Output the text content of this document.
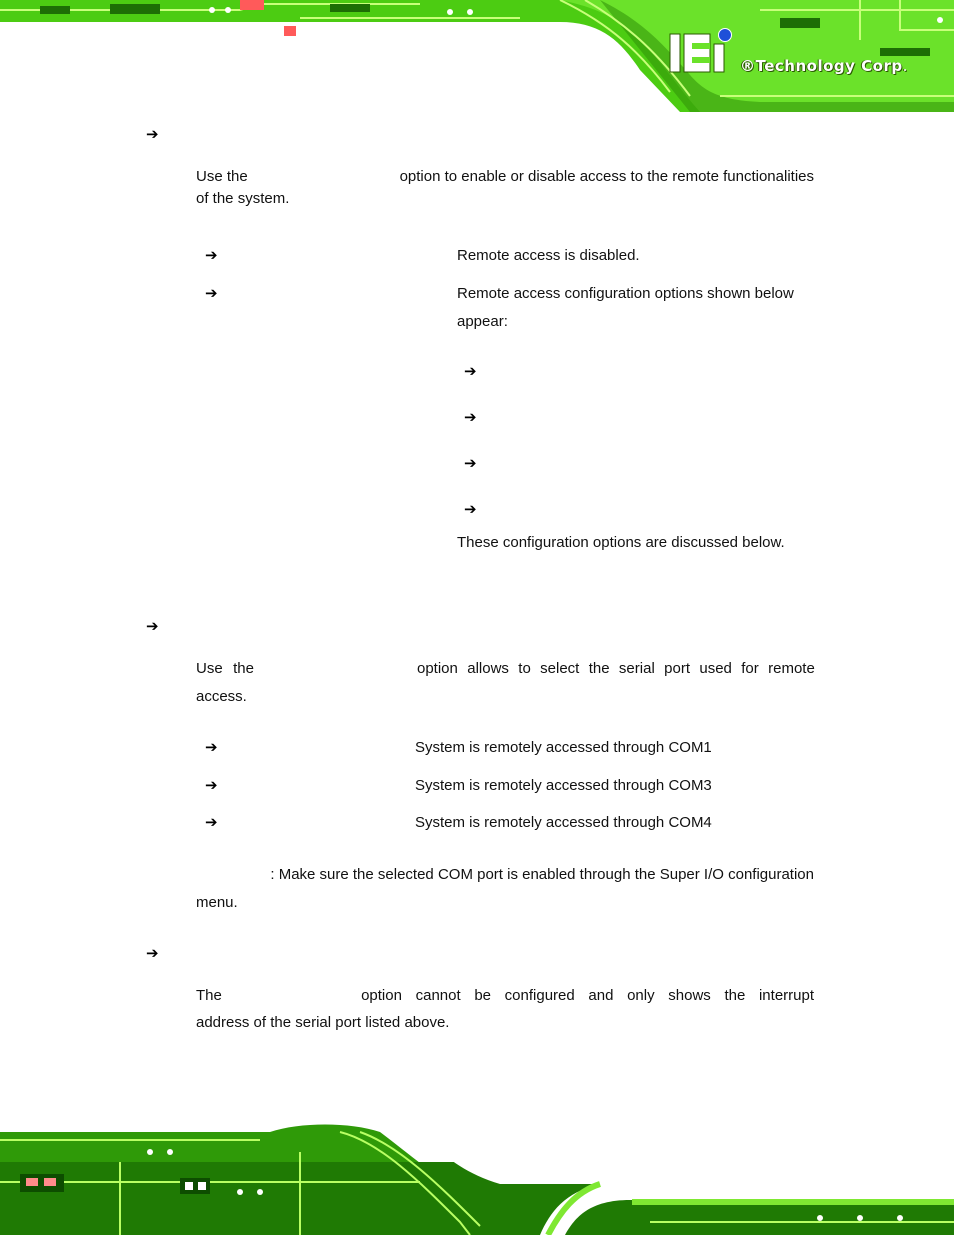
®Technology Corp.
➔
Use the	option to enable or disable access to the remote functionalities
of the system.
➔	Remote access is disabled.
➔	Remote access configuration options shown below
appear:
➔
➔
➔
➔
These configuration options are discussed below.
➔
Use the	option allows to select the serial port used for remote
access.
➔	System is remotely accessed through COM1
➔	System is remotely accessed through COM3
➔	System is remotely accessed through COM4
: Make sure the selected COM port is enabled through the Super I/O configuration
menu.
➔
The	option cannot be configured and only shows the interrupt
address of the serial port listed above.
